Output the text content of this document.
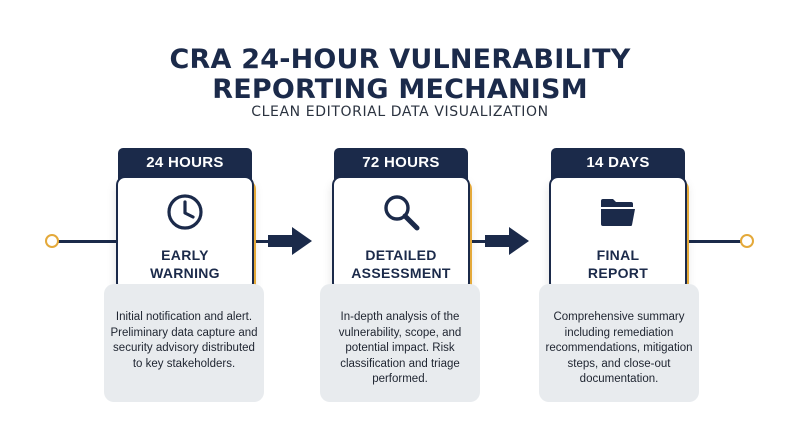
CRA 24-HOUR VULNERABILITY
REPORTING MECHANISM
CLEAN EDITORIAL DATA VISUALIZATION
24 HOURS
EARLY
WARNING
Initial notification and alert. Preliminary data capture and security advisory distributed to key stakeholders.
72 HOURS
DETAILED
ASSESSMENT
In-depth analysis of the vulnerability, scope, and potential impact. Risk classification and triage performed.
14 DAYS
FINAL
REPORT
Comprehensive summary including remediation recommendations, mitigation steps, and close-out documentation.
